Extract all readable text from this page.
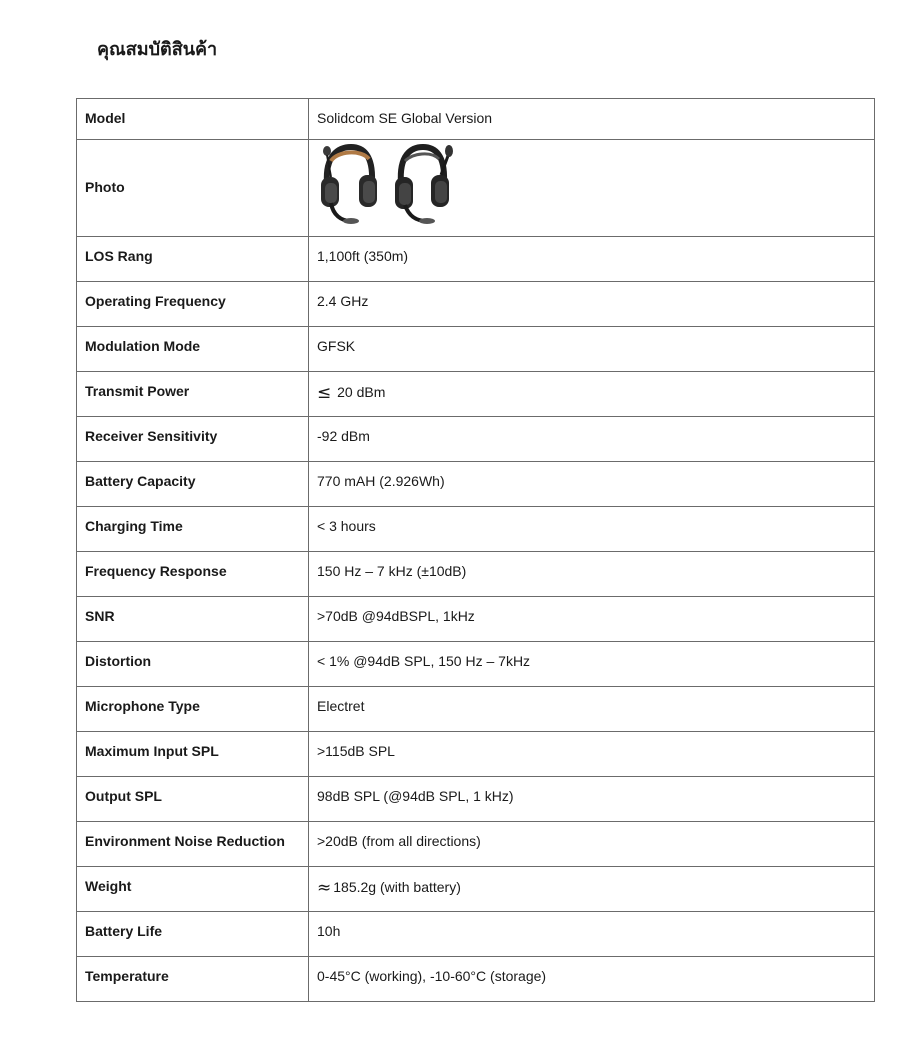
คุณสมบัติสินค้า
Model	Solidcom SE Global Version
Photo	

LOS Rang	1,100ft (350m)
Operating Frequency	2.4 GHz
Modulation Mode	GFSK
Transmit Power	≤ 20 dBm
Receiver Sensitivity	-92 dBm
Battery Capacity	770 mAH (2.926Wh)
Charging Time	< 3 hours
Frequency Response	150 Hz – 7 kHz (±10dB)
SNR	>70dB @94dBSPL, 1kHz
Distortion	< 1% @94dB SPL, 150 Hz – 7kHz
Microphone Type	Electret
Maximum Input SPL	>115dB SPL
Output SPL	98dB SPL (@94dB SPL, 1 kHz)
Environment Noise Reduction	>20dB (from all directions)
Weight	≈ 185.2g (with battery)
Battery Life	10h
Temperature	0-45°C (working), -10-60°C (storage)
